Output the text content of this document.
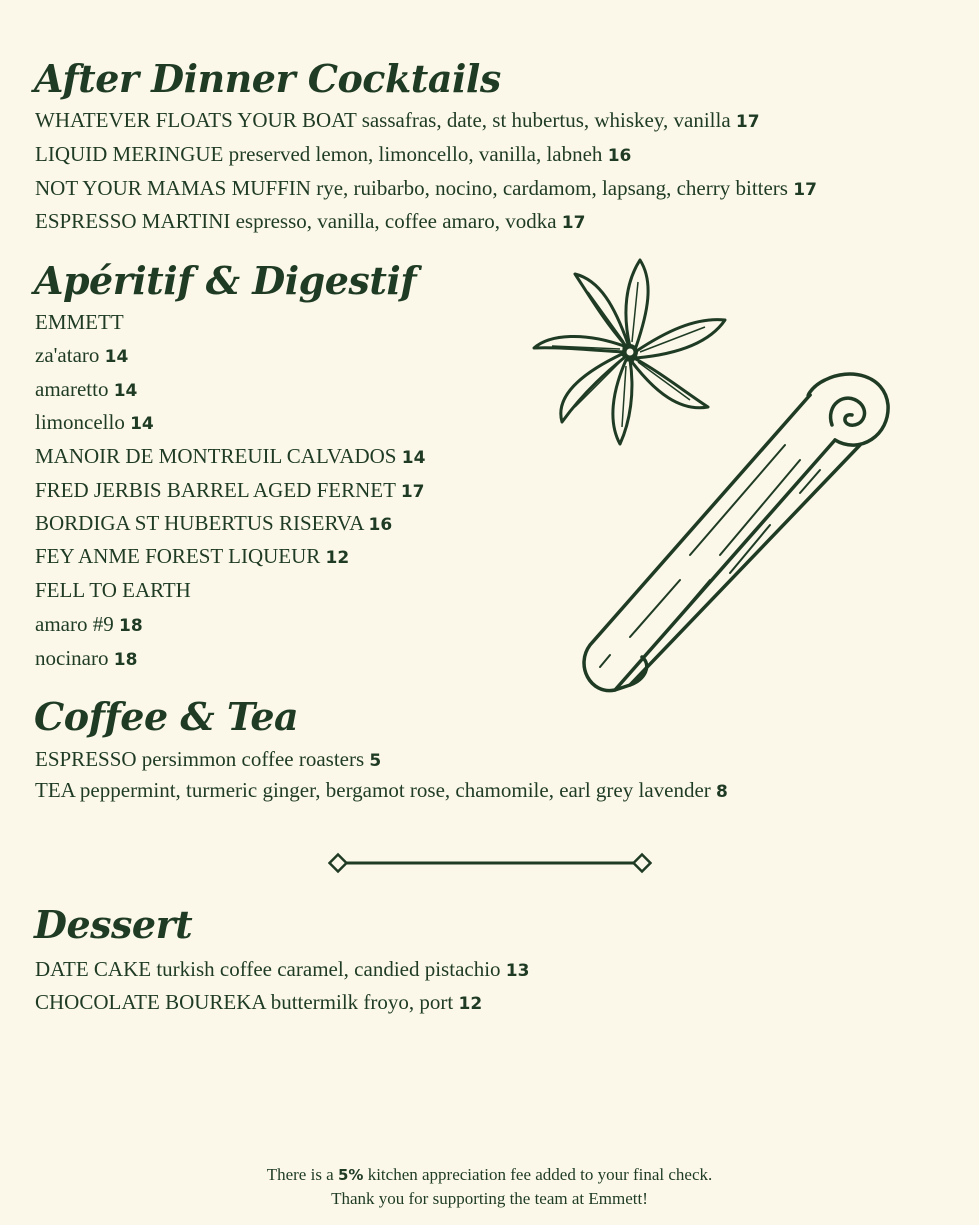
After Dinner Cocktails
WHATEVER FLOATS YOUR BOAT sassafras, date, st hubertus, whiskey, vanilla 17
LIQUID MERINGUE preserved lemon, limoncello, vanilla, labneh 16
NOT YOUR MAMAS MUFFIN rye, ruibarbo, nocino, cardamom, lapsang, cherry bitters 17
ESPRESSO MARTINI espresso, vanilla, coffee amaro, vodka 17
Apéritif & Digestif
EMMETT
za'ataro 14
amaretto 14
limoncello 14
MANOIR DE MONTREUIL CALVADOS 14
FRED JERBIS BARREL AGED FERNET 17
BORDIGA ST HUBERTUS RISERVA 16
FEY ANME FOREST LIQUEUR 12
FELL TO EARTH
amaro #9 18
nocinaro 18
Coffee & Tea
ESPRESSO persimmon coffee roasters 5
TEA peppermint, turmeric ginger, bergamot rose, chamomile, earl grey lavender 8
Dessert
DATE CAKE turkish coffee caramel, candied pistachio 13
CHOCOLATE BOUREKA buttermilk froyo, port 12
There is a 5% kitchen appreciation fee added to your final check.
Thank you for supporting the team at Emmett!
